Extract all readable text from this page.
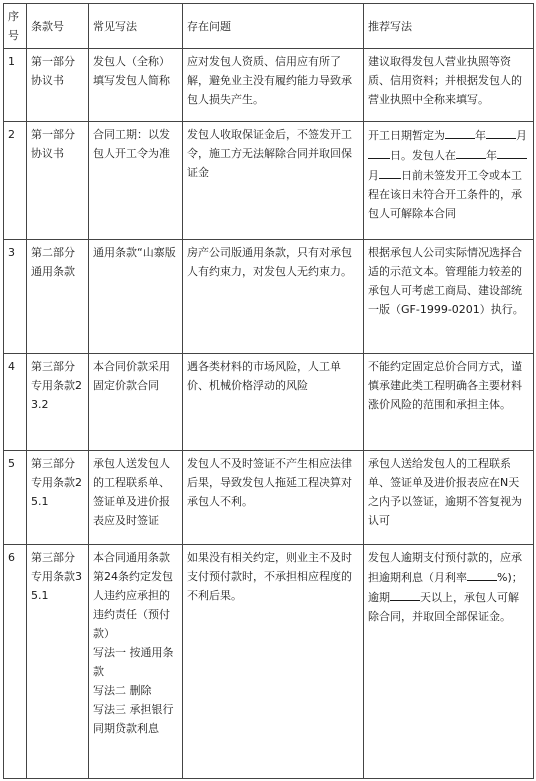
序号	条款号	常见写法	存在问题	推荐写法
1	第一部分协议书	发包人（全称）填写发包人简称	应对发包人资质、信用应有所了解，避免业主没有履约能力导致承包人损失产生。	建议取得发包人营业执照等资质、信用资料；并根据发包人的营业执照中全称来填写。
2	第一部分协议书	合同工期：以发包人开工令为准	发包人收取保证金后，不签发开工令，施工方无法解除合同并取回保证金	开工日期暂定为 年 月日。发包人在 年月 日前未签发开工令或本工程在该日未符合开工条件的，承包人可解除本合同
3	第二部分通用条款	通用条款“山寨版	房产公司版通用条款，只有对承包人有约束力，对发包人无约束力。	根据承包人公司实际情况选择合适的示范文本。管理能力较差的承包人可考虑工商局、建设部统一版（GF-1999-0201）执行。
4	第三部分专用条款23.2	本合同价款采用固定价款合同	遇各类材料的市场风险，人工单价、机械价格浮动的风险	不能约定固定总价合同方式，谨慎承建此类工程明确各主要材料涨价风险的范围和承担主体。
5	第三部分专用条款25.1	承包人送发包人的工程联系单、签证单及进价报表应及时签证	发包人不及时签证不产生相应法律后果，导致发包人拖延工程决算对承包人不利。	承包人送给发包人的工程联系单、签证单及进价报表应在N天之内予以签证，逾期不答复视为认可
6	第三部分专用条款35.1	本合同通用条款第24条约定发包人违约应承担的违约责任（预付款）
写法一 按通用条款
写法二 删除
写法三 承担银行同期贷款利息	如果没有相关约定，则业主不及时支付预付款时，不承担相应程度的不利后果。	发包人逾期支付预付款的，应承担逾期利息（月利率 %)；
逾期 天以上，承包人可解除合同，并取回全部保证金。
